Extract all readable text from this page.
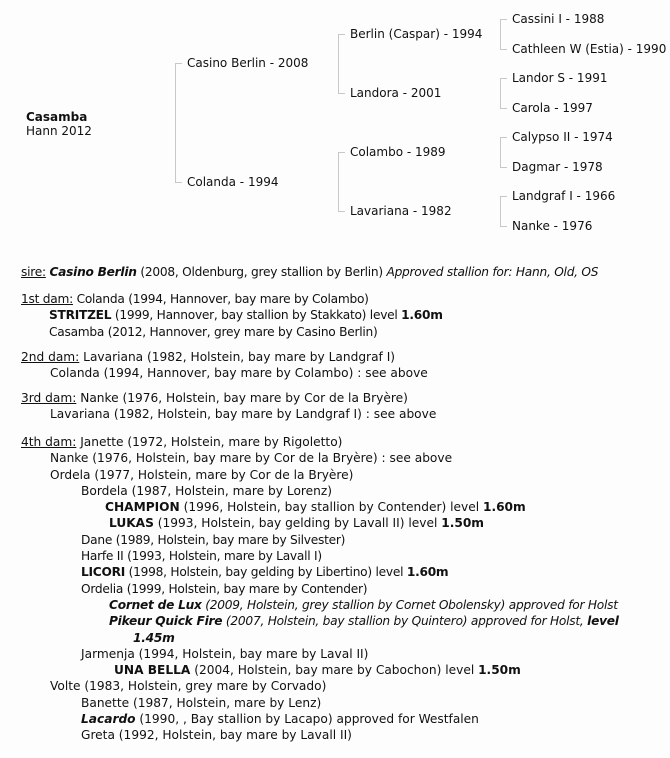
Casamba
Hann 2012
Casino Berlin - 2008
Colanda - 1994
Berlin (Caspar) - 1994
Landora - 2001
Colambo - 1989
Lavariana - 1982
Cassini I - 1988
Cathleen W (Estia) - 1990
Landor S - 1991
Carola - 1997
Calypso II - 1974
Dagmar - 1978
Landgraf I - 1966
Nanke - 1976
sire: Casino Berlin (2008, Oldenburg, grey stallion by Berlin) Approved stallion for: Hann, Old, OS
1st dam: Colanda (1994, Hannover, bay mare by Colambo)
STRITZEL (1999, Hannover, bay stallion by Stakkato) level 1.60m
Casamba (2012, Hannover, grey mare by Casino Berlin)
2nd dam: Lavariana (1982, Holstein, bay mare by Landgraf I)
Colanda (1994, Hannover, bay mare by Colambo) : see above
3rd dam: Nanke (1976, Holstein, bay mare by Cor de la Bryère)
Lavariana (1982, Holstein, bay mare by Landgraf I) : see above
4th dam: Janette (1972, Holstein, mare by Rigoletto)
Nanke (1976, Holstein, bay mare by Cor de la Bryère) : see above
Ordela (1977, Holstein, mare by Cor de la Bryère)
Bordela (1987, Holstein, mare by Lorenz)
CHAMPION (1996, Holstein, bay stallion by Contender) level 1.60m
LUKAS (1993, Holstein, bay gelding by Lavall II) level 1.50m
Dane (1989, Holstein, bay mare by Silvester)
Harfe II (1993, Holstein, mare by Lavall I)
LICORI (1998, Holstein, bay gelding by Libertino) level 1.60m
Ordelia (1999, Holstein, bay mare by Contender)
Cornet de Lux (2009, Holstein, grey stallion by Cornet Obolensky) approved for Holst
Pikeur Quick Fire (2007, Holstein, bay stallion by Quintero) approved for Holst, level
1.45m
Jarmenja (1994, Holstein, bay mare by Laval II)
UNA BELLA (2004, Holstein, bay mare by Cabochon) level 1.50m
Volte (1983, Holstein, grey mare by Corvado)
Banette (1987, Holstein, mare by Lenz)
Lacardo (1990, , Bay stallion by Lacapo) approved for Westfalen
Greta (1992, Holstein, bay mare by Lavall II)
